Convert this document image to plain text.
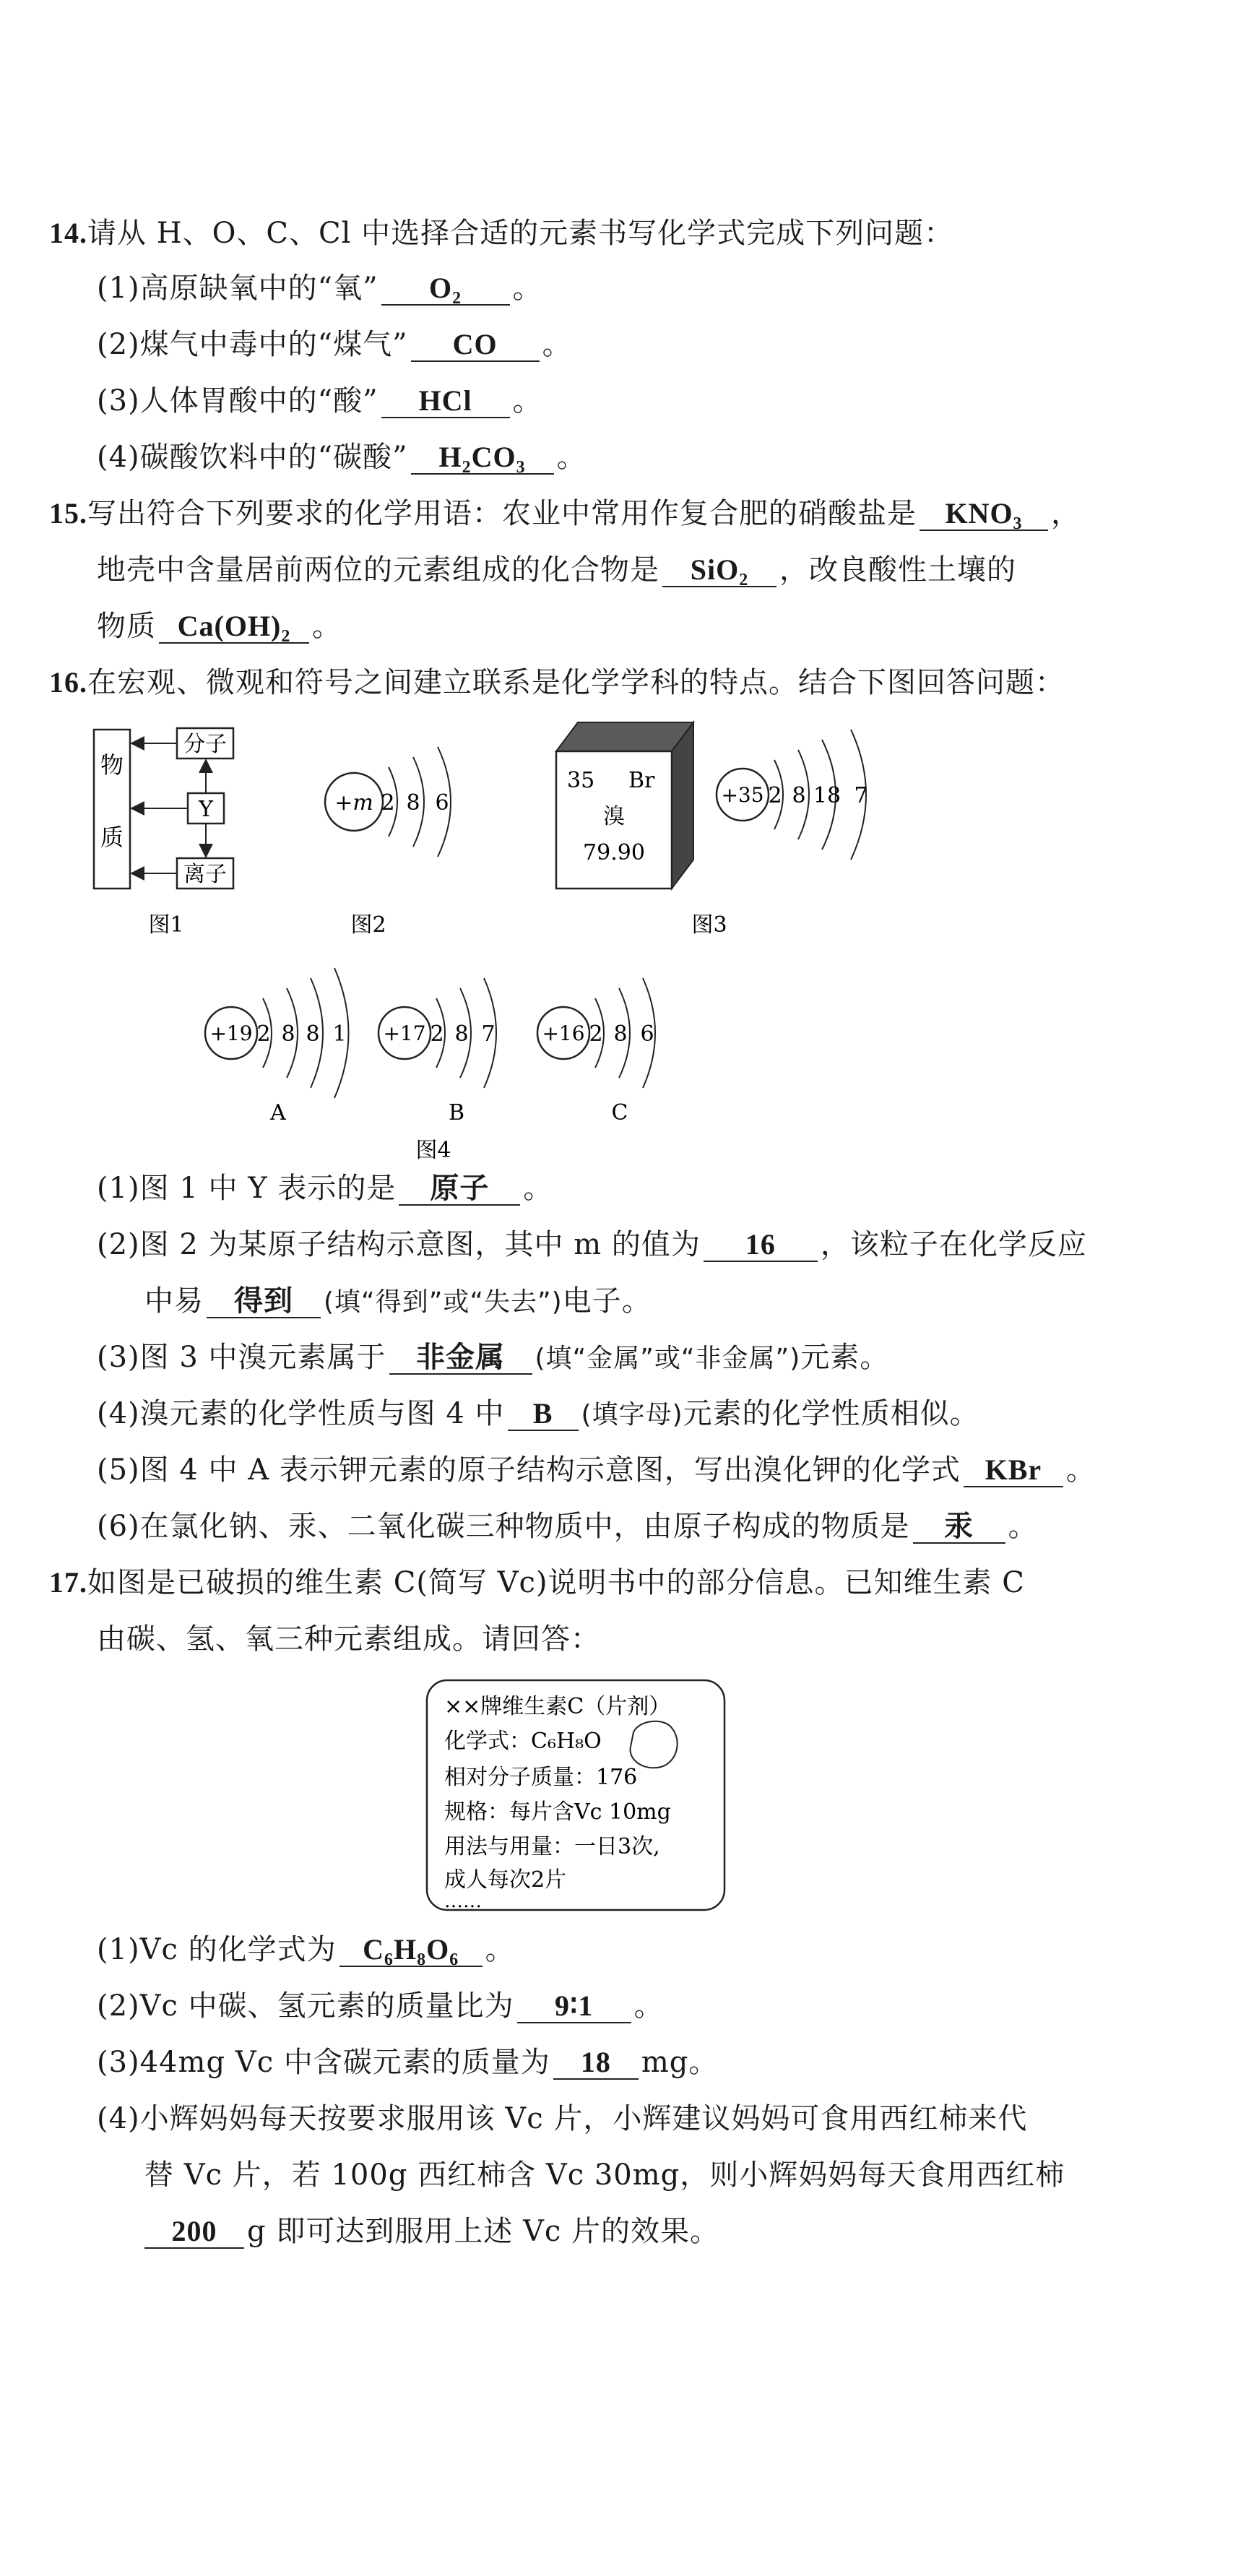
14.请从 H、O、C、Cl 中选择合适的元素书写化学式完成下列问题：
(1)高原缺氧中的“氧” O₂ 。
(2)煤气中毒中的“煤气” CO 。
(3)人体胃酸中的“酸” HCl 。
(4)碳酸饮料中的“碳酸” H₂CO₃ 。
15.写出符合下列要求的化学用语：农业中常用作复合肥的硝酸盐是 KNO₃ ，
地壳中含量居前两位的元素组成的化合物是 SiO₂ ，改良酸性土壤的
物质 Ca(OH)₂ 。
16.在宏观、微观和符号之间建立联系是化学学科的特点。结合下图回答问题：
物
质
分子
Y
离子
图1
+m 2 8 6
图2
35 Br
溴
79.90
+35 2 8 18 7
图3
+19 2 8 8 1
A
+17 2 8 7
B
+16 2 8 6
C
图4
(1)图 1 中 Y 表示的是 原子 。
(2)图 2 为某原子结构示意图，其中 m 的值为 16 ，该粒子在化学反应
中易 得到 (填“得到”或“失去”)电子。
(3)图 3 中溴元素属于 非金属 (填“金属”或“非金属”)元素。
(4)溴元素的化学性质与图 4 中 B (填字母)元素的化学性质相似。
(5)图 4 中 A 表示钾元素的原子结构示意图，写出溴化钾的化学式 KBr 。
(6)在氯化钠、汞、二氧化碳三种物质中，由原子构成的物质是 汞 。
17.如图是已破损的维生素 C(简写 Vc)说明书中的部分信息。已知维生素 C
由碳、氢、氧三种元素组成。请回答：
××牌维生素C（片剂）
化学式：C₆H₈O
相对分子质量：176
规格：每片含Vc 10mg
用法与用量：一日3次,
成人每次2片
……
(1)Vc 的化学式为 C₆H₈O₆ 。
(2)Vc 中碳、氢元素的质量比为 9∶1 。
(3)44mg Vc 中含碳元素的质量为 18 mg。
(4)小辉妈妈每天按要求服用该 Vc 片，小辉建议妈妈可食用西红柿来代
替 Vc 片，若 100g 西红柿含 Vc 30mg，则小辉妈妈每天食用西红柿
200 g 即可达到服用上述 Vc 片的效果。
